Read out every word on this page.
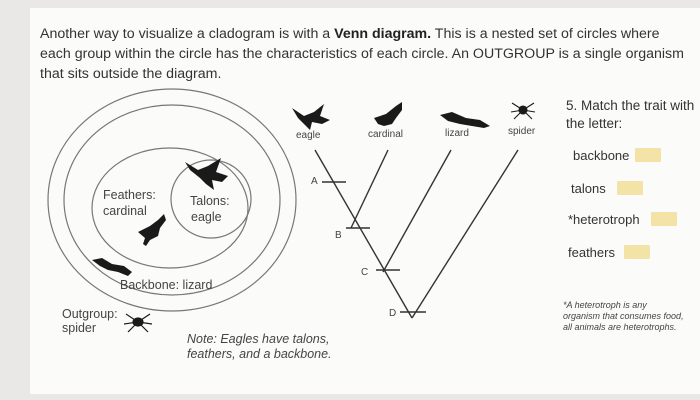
Another way to visualize a cladogram is with a Venn diagram. This is a nested set of circles where each group within the circle has the characteristics of each circle. An OUTGROUP is a single organism that sits outside the diagram.
Feathers:
cardinal
Talons:
eagle
Backbone: lizard
Outgroup:
spider
eagle	cardinal	lizard	spider
A
B
C
D
Note: Eagles have talons,
feathers, and a backbone.
5. Match the trait with the letter:
backbone
talons
*heterotroph
feathers
*A heterotroph is any organism that consumes food, all animals are heterotrophs.
